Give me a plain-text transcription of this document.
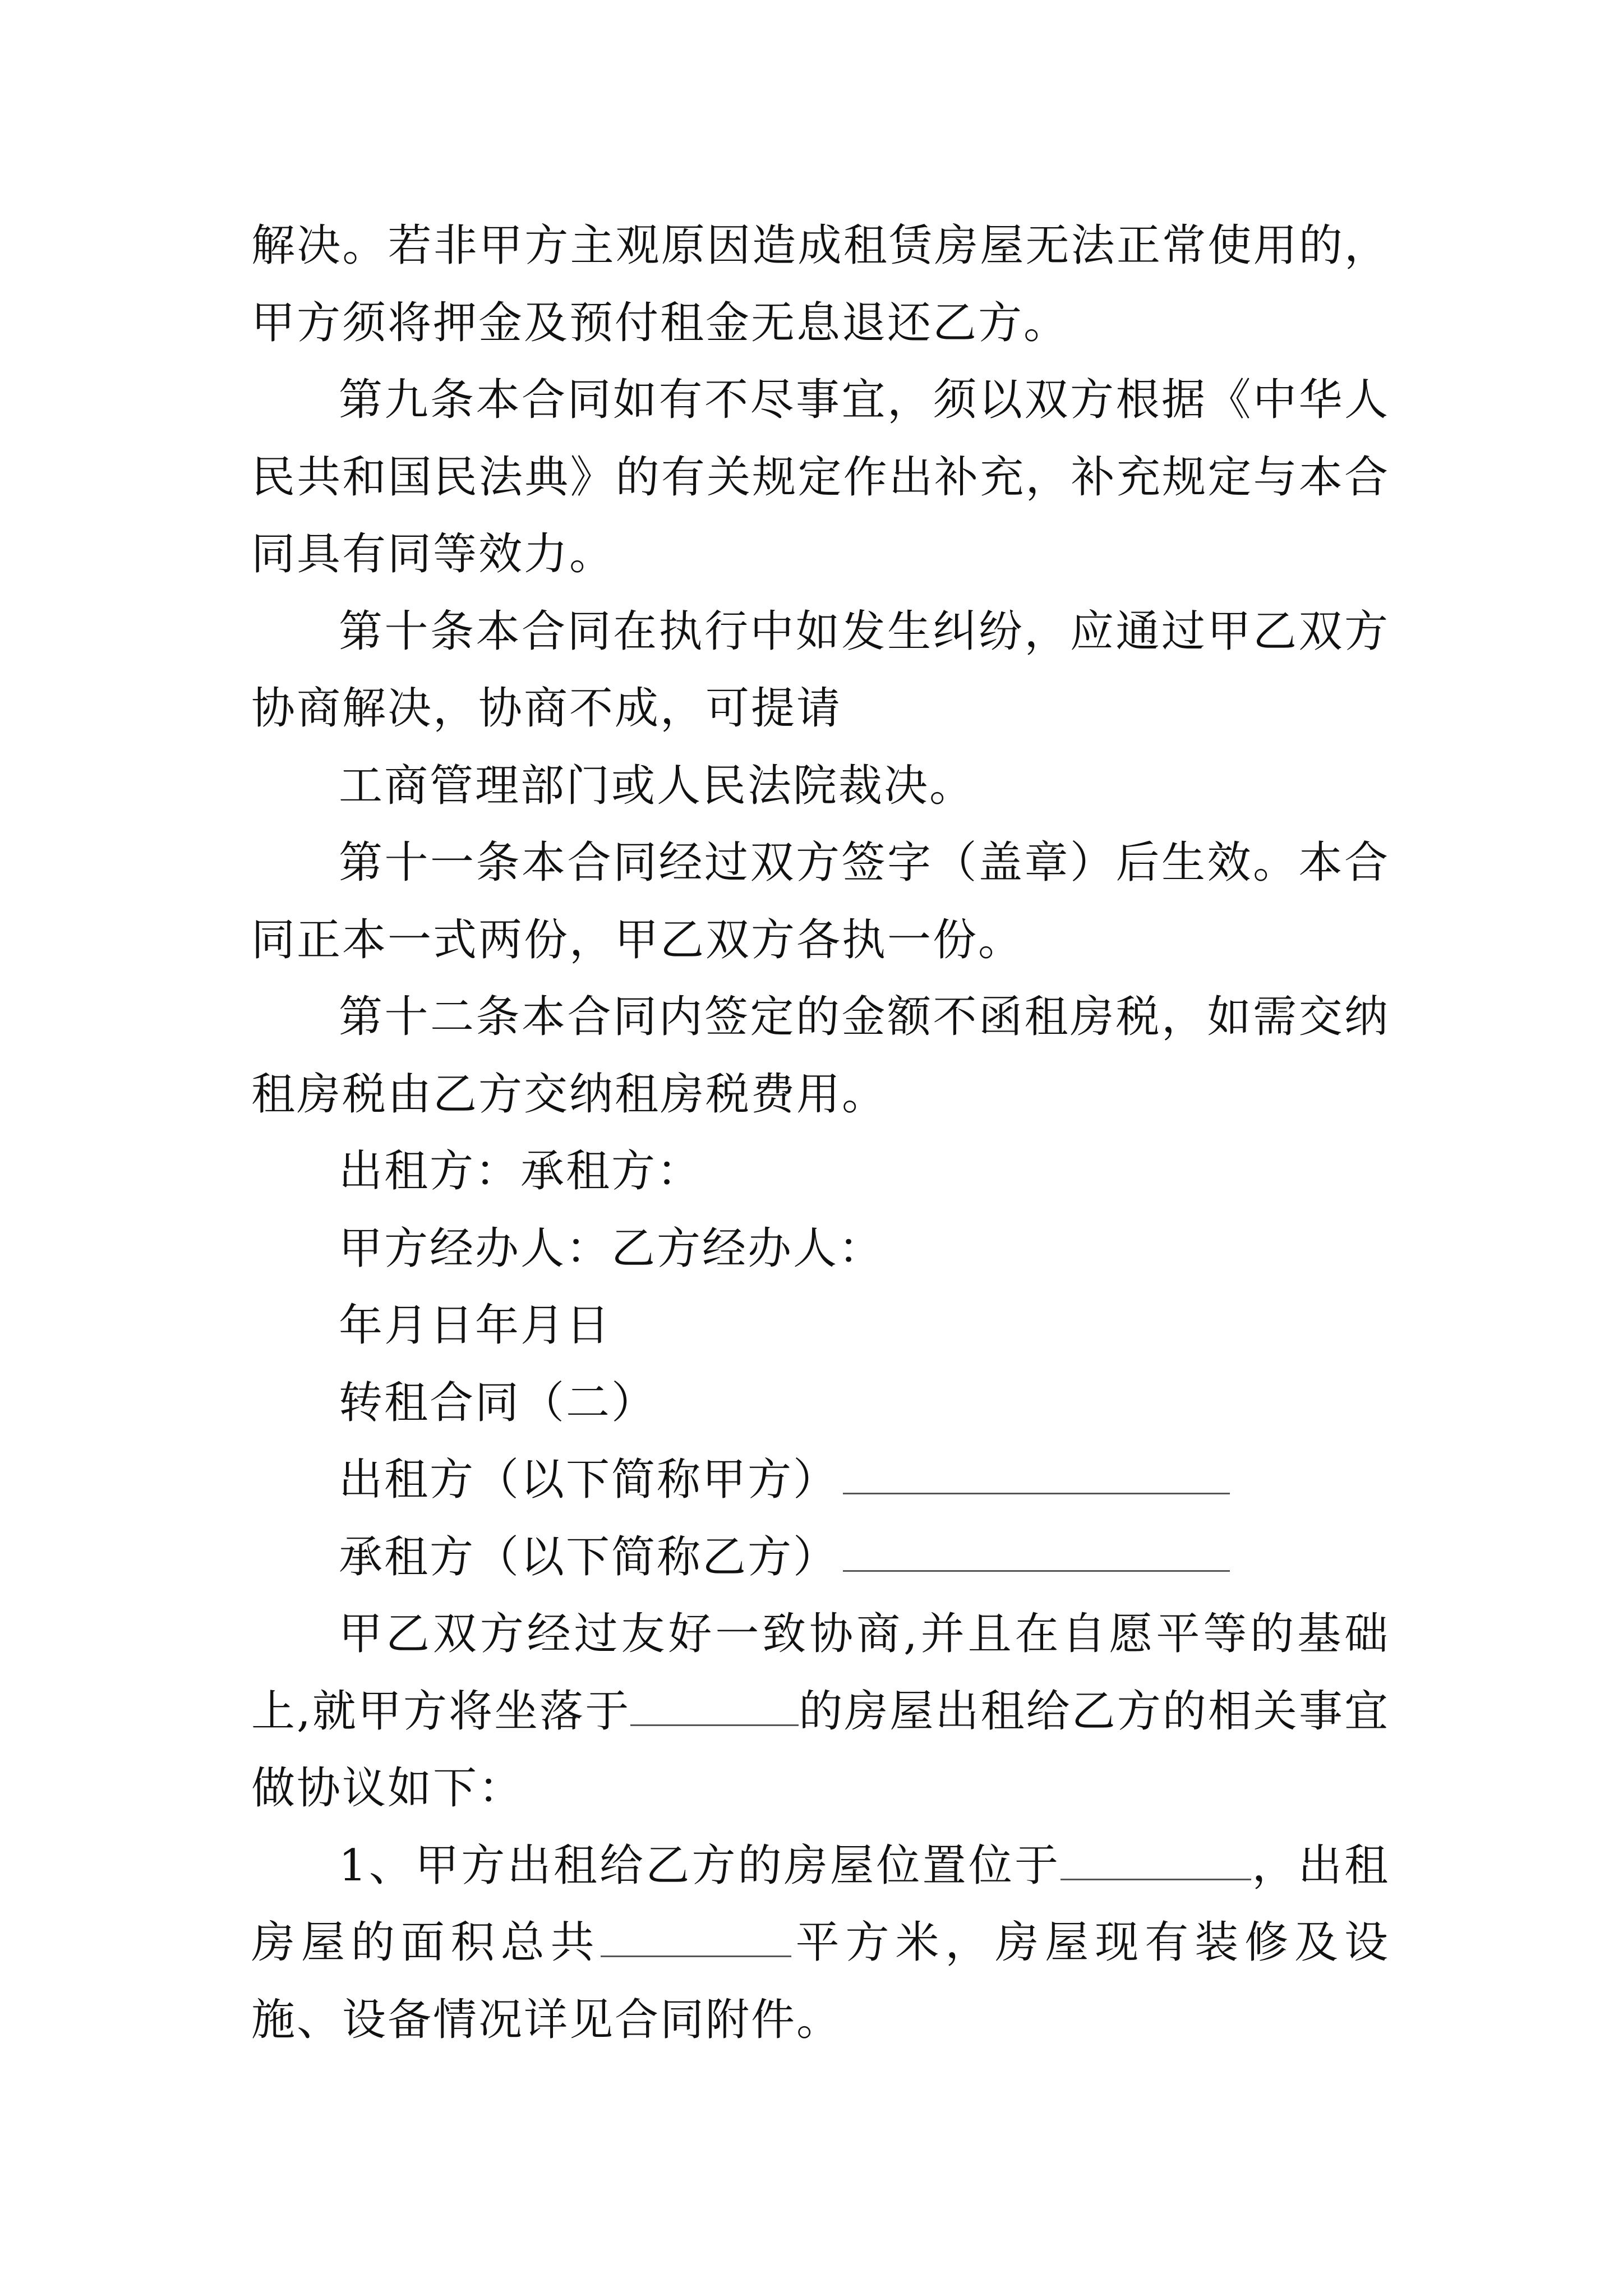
解决。若非甲方主观原因造成租赁房屋无法正常使用的，甲方须将押金及预付租金无息退还乙方。

第九条本合同如有不尽事宜，须以双方根据《中华人民共和国民法典》的有关规定作出补充，补充规定与本合同具有同等效力。

第十条本合同在执行中如发生纠纷，应通过甲乙双方协商解决，协商不成，可提请

工商管理部门或人民法院裁决。

第十一条本合同经过双方签字（盖章）后生效。本合同正本一式两份，甲乙双方各执一份。

第十二条本合同内签定的金额不函租房税，如需交纳租房税由乙方交纳租房税费用。

出租方：承租方：

甲方经办人：乙方经办人：

年月日年月日

转租合同（二）

出租方（以下简称甲方）

承租方（以下简称乙方）

甲乙双方经过友好一致协商,并且在自愿平等的基础上,就甲方将坐落于	的房屋出租给乙方的相关事宜做协议如下：

1、甲方出租给乙方的房屋位置位于	，出租房屋的面积总共	平方米，房屋现有装修及设施、设备情况详见合同附件。
